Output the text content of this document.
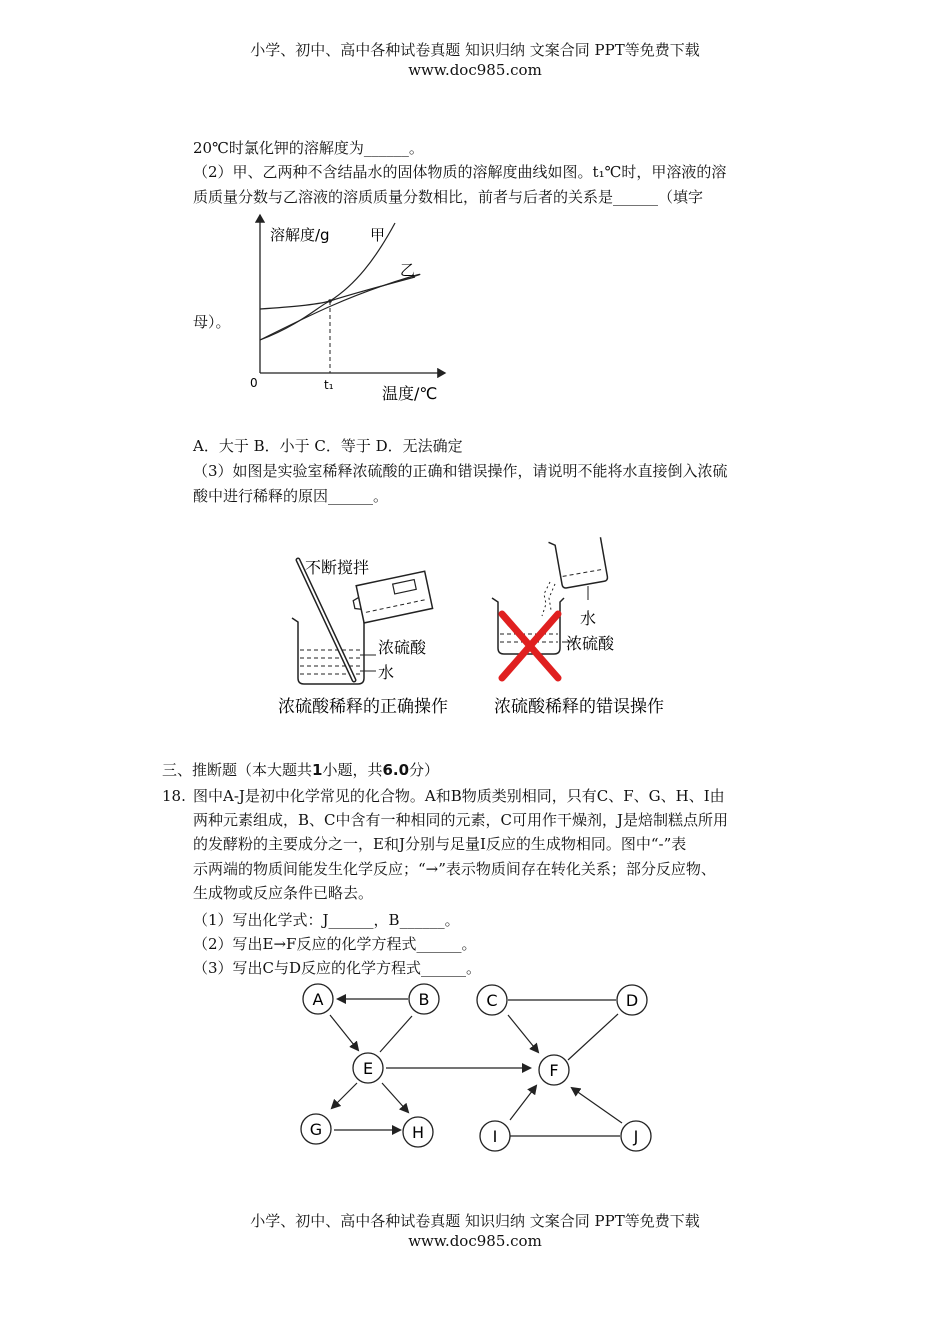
小学、初中、高中各种试卷真题 知识归纳 文案合同 PPT等免费下载
www.doc985.com
20℃时氯化钾的溶解度为______。
（2）甲、乙两种不含结晶水的固体物质的溶解度曲线如图。t₁℃时，甲溶液的溶
质质量分数与乙溶液的溶质质量分数相比，前者与后者的关系是______（填字
母）。
溶解度/g	甲
乙
0	t₁	温度/℃
A．大于 B．小于 C．等于 D．无法确定
（3）如图是实验室稀释浓硫酸的正确和错误操作，请说明不能将水直接倒入浓硫
酸中进行稀释的原因______。
不断搅拌
浓硫酸
水
浓硫酸稀释的正确操作
水
浓硫酸
浓硫酸稀释的错误操作
三、推断题（本大题共1小题，共6.0分）
18. 图中A-J是初中化学常见的化合物。A和B物质类别相同，只有C、F、G、H、I由
两种元素组成，B、C中含有一种相同的元素，C可用作干燥剂，J是焙制糕点所用
的发酵粉的主要成分之一，E和J分别与足量I反应的生成物相同。图中“-”表
示两端的物质间能发生化学反应；“→”表示物质间存在转化关系；部分反应物、
生成物或反应条件已略去。
（1）写出化学式：J______，B______。
（2）写出E→F反应的化学方程式______。
（3）写出C与D反应的化学方程式______。
A	B	C	D
E	F
G	H	I	J
小学、初中、高中各种试卷真题 知识归纳 文案合同 PPT等免费下载
www.doc985.com
